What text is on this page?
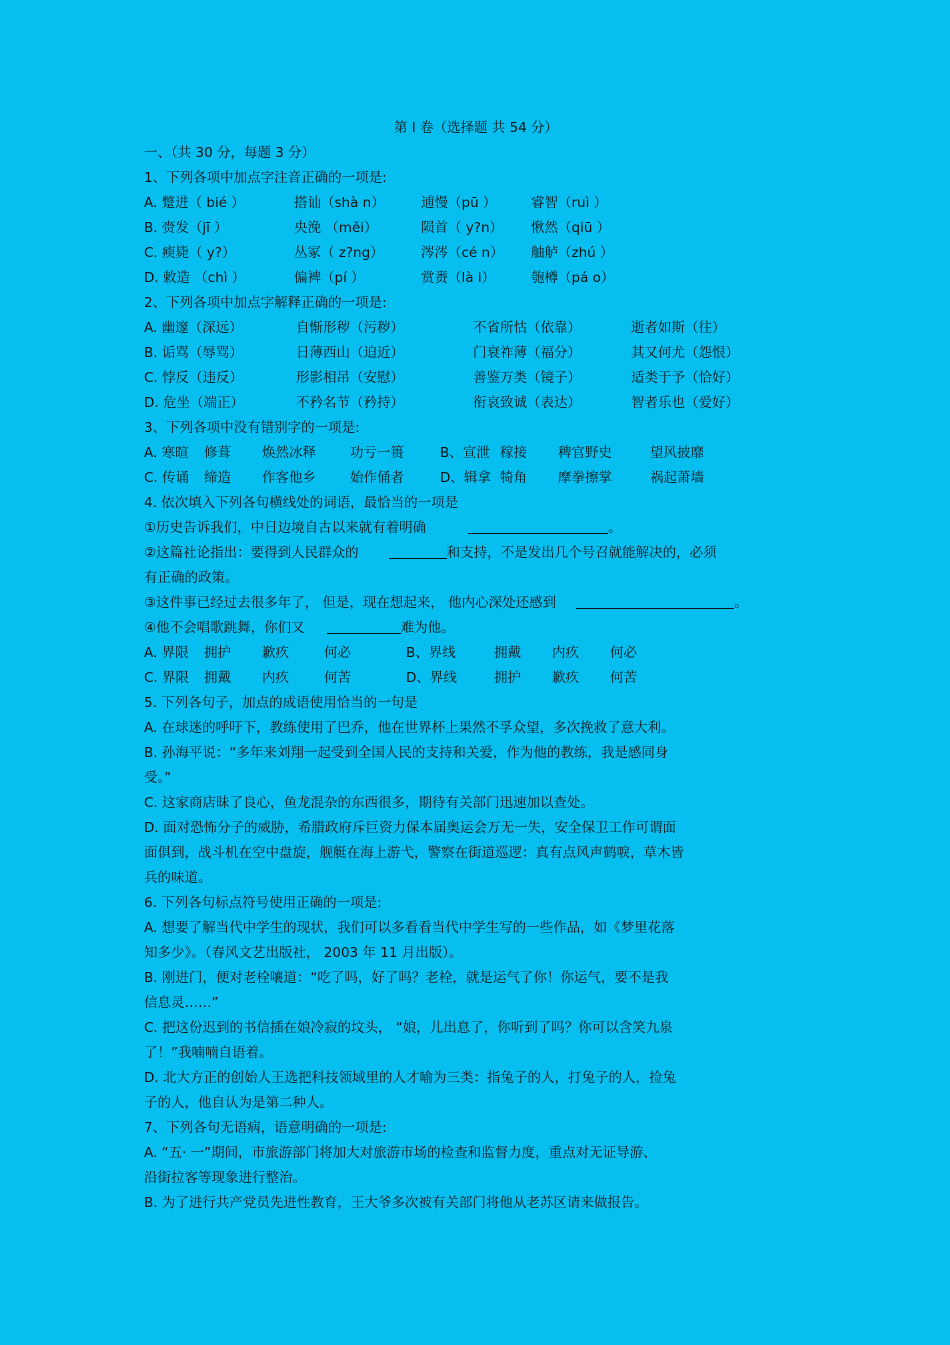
第 I 卷（选择题 共 54 分）
一、（共 30 分，每题 3 分）
1、下列各项中加点字注音正确的一项是:
A. 蹩进（ bié ）	搭讪（shà n）	逋慢（pū ）	睿智（ruì ）
B. 赍发（jī ）	央浼 （měi）	陨首（ y?n）	愀然（qiū ）
C. 瘐毙（ y?）	丛冢（ z?ng）	涔涔（cé n）	舳舻（zhú ）
D. 敕造 （chì ）	偏裨（pí ）	赏赉（là i）	匏樽（pá o）
2、下列各项中加点字解释正确的一项是:
A. 幽邃（深远）	自惭形秽（污秽）	不省所怙（依靠）	逝者如斯（往）
B. 诟骂（辱骂）	日薄西山（迫近）	门衰祚薄（福分）	其又何尤（怨恨）
C. 悖反（违反）	形影相吊（安慰）	善鉴万类（镜子）	适类于予（恰好）
D. 危坐（端正）	不矜名节（矜持）	衔哀致诚（表达）	智者乐也（爱好）
3、下列各项中没有错别字的一项是:
A. 寒暄	修葺	焕然冰释	功亏一篑	B、宣泄 稼接	稗官野史	望风披靡
C. 传诵	缔造	作客他乡	始作俑者	D、辑拿 犄角	摩拳擦掌	祸起萧墙
4. 依次填入下列各句横线处的词语，最恰当的一项是
①历史告诉我们，中日边境自古以来就有着明确	。
②这篇社论指出：要得到人民群众的	和支持，不是发出几个号召就能解决的，必须
有正确的政策。
③这件事已经过去很多年了， 但是，现在想起来， 他内心深处还感到	。
④他不会唱歌跳舞，你们又	难为他。
A. 界限	拥护	歉疚	何必	B、界线	拥戴	内疚	何必
C. 界限	拥戴	内疚	何苦	D、界线	拥护	歉疚	何苦
5. 下列各句子，加点的成语使用恰当的一句是
A. 在球迷的呼吁下，教练使用了巴乔，他在世界杯上果然不孚众望，多次挽救了意大利。
B. 孙海平说：“多年来刘翔一起受到全国人民的支持和关爱，作为他的教练，我是感同身
受。”
C. 这家商店昧了良心，鱼龙混杂的东西很多，期待有关部门迅速加以查处。
D. 面对恐怖分子的威胁，希腊政府斥巨资力保本届奥运会万无一失，安全保卫工作可谓面
面俱到，战斗机在空中盘旋，舰艇在海上游弋，警察在街道巡逻：真有点风声鹤唳，草木皆
兵的味道。
6. 下列各句标点符号使用正确的一项是:
A. 想要了解当代中学生的现状，我们可以多看看当代中学生写的一些作品，如《梦里花落
知多少》。（春风文艺出版社， 2003 年 11 月出版）。
B. 刚进门，便对老栓嚷道：“吃了吗，好了吗？老栓，就是运气了你！你运气，要不是我
信息灵……”
C. 把这份迟到的书信插在娘冷寂的坟头， “娘，儿出息了，你听到了吗？你可以含笑九泉
了！”我喃喃自语着。
D. 北大方正的创始人王选把科技领域里的人才喻为三类：指兔子的人，打兔子的人，捡兔
子的人，他自认为是第二种人。
7、下列各句无语病，语意明确的一项是:
A. “五· 一”期间，市旅游部门将加大对旅游市场的检查和监督力度，重点对无证导游、
沿街拉客等现象进行整治。
B. 为了进行共产党员先进性教育，王大爷多次被有关部门将他从老苏区请来做报告。
